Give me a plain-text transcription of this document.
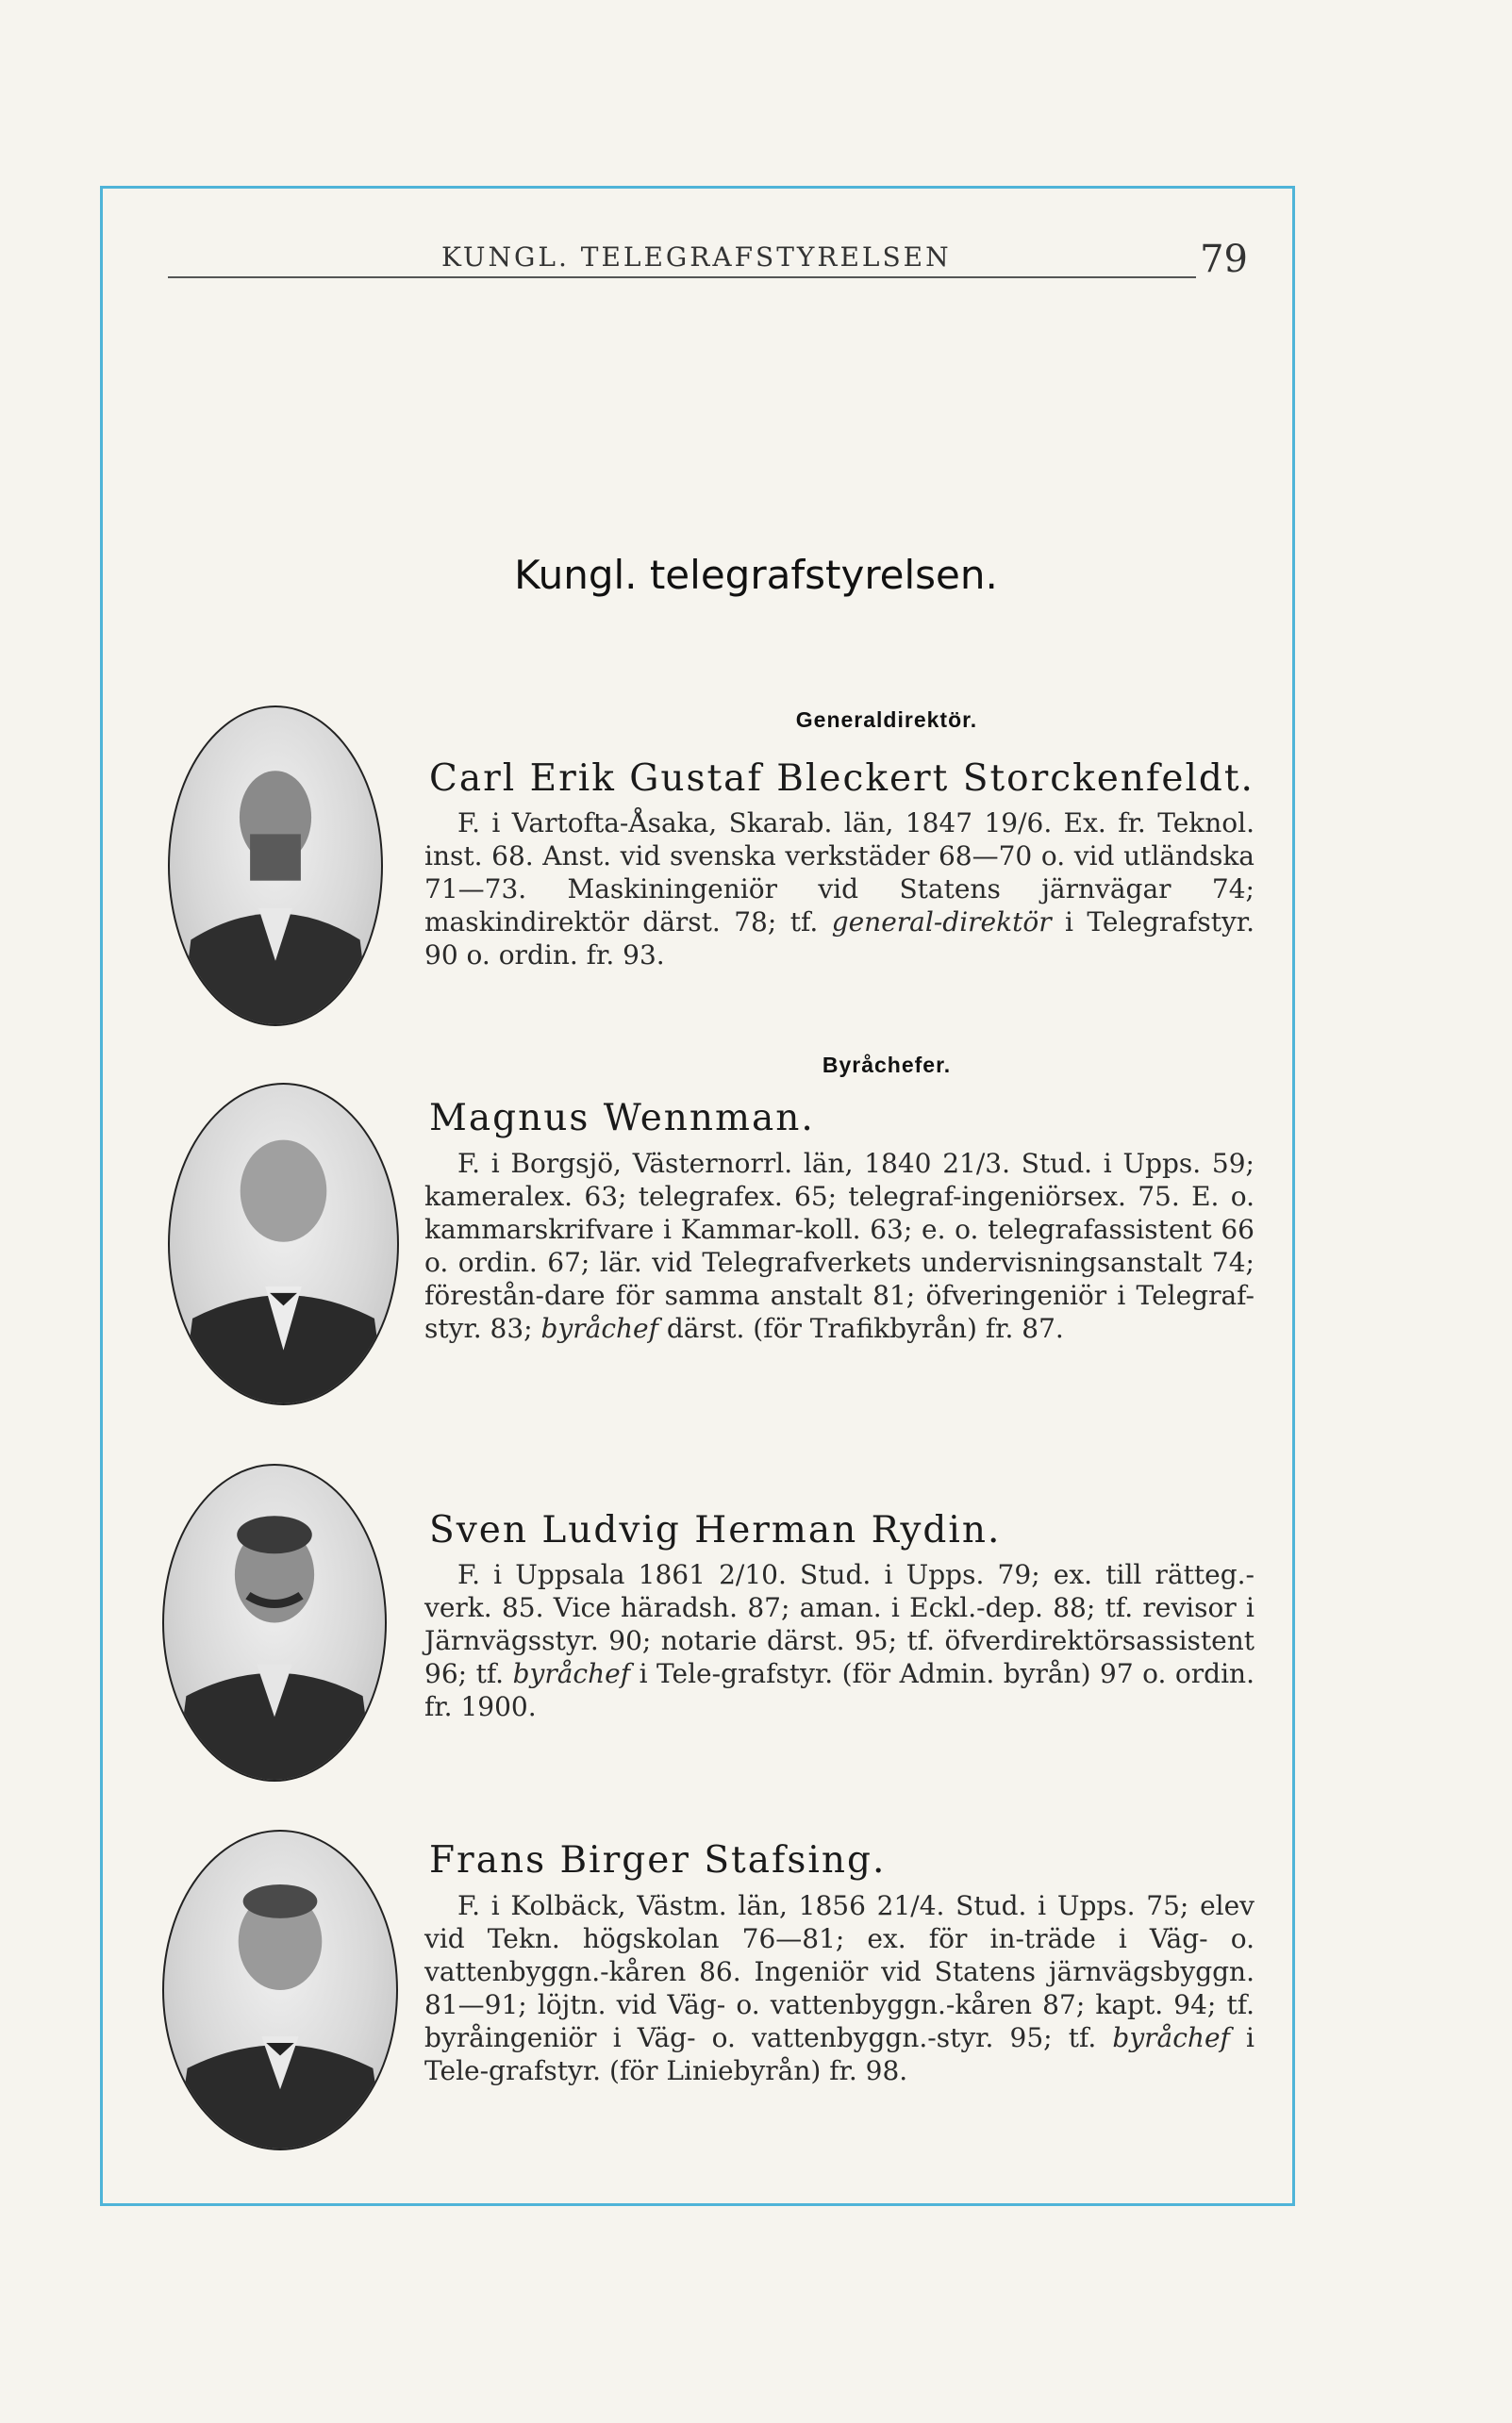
KUNGL. TELEGRAFSTYRELSEN	79
Kungl. telegrafstyrelsen.
Generaldirektör.
Carl Erik Gustaf Bleckert Storckenfeldt.
F. i Vartofta-Åsaka, Skarab. län, 1847 19/6. Ex. fr. Teknol. inst. 68. Anst. vid svenska verkstäder 68—70 o. vid utländska 71—73. Maskiningeniör vid Statens järnvägar 74; maskindirektör därst. 78; tf. general-direktör i Telegrafstyr. 90 o. ordin. fr. 93.
Byråchefer.
Magnus Wennman.
F. i Borgsjö, Västernorrl. län, 1840 21/3. Stud. i Upps. 59; kameralex. 63; telegrafex. 65; telegraf-ingeniörsex. 75. E. o. kammarskrifvare i Kammar-koll. 63; e. o. telegrafassistent 66 o. ordin. 67; lär. vid Telegrafverkets undervisningsanstalt 74; förestån-dare för samma anstalt 81; öfveringeniör i Telegraf-styr. 83; byråchef därst. (för Trafikbyrån) fr. 87.
Sven Ludvig Herman Rydin.
F. i Uppsala 1861 2/10. Stud. i Upps. 79; ex. till rätteg.-verk. 85. Vice häradsh. 87; aman. i Eckl.-dep. 88; tf. revisor i Järnvägsstyr. 90; notarie därst. 95; tf. öfverdirektörsassistent 96; tf. byråchef i Tele-grafstyr. (för Admin. byrån) 97 o. ordin. fr. 1900.
Frans Birger Stafsing.
F. i Kolbäck, Västm. län, 1856 21/4. Stud. i Upps. 75; elev vid Tekn. högskolan 76—81; ex. för in-träde i Väg- o. vattenbyggn.-kåren 86. Ingeniör vid Statens järnvägsbyggn. 81—91; löjtn. vid Väg- o. vattenbyggn.-kåren 87; kapt. 94; tf. byråingeniör i Väg- o. vattenbyggn.-styr. 95; tf. byråchef i Tele-grafstyr. (för Liniebyrån) fr. 98.
